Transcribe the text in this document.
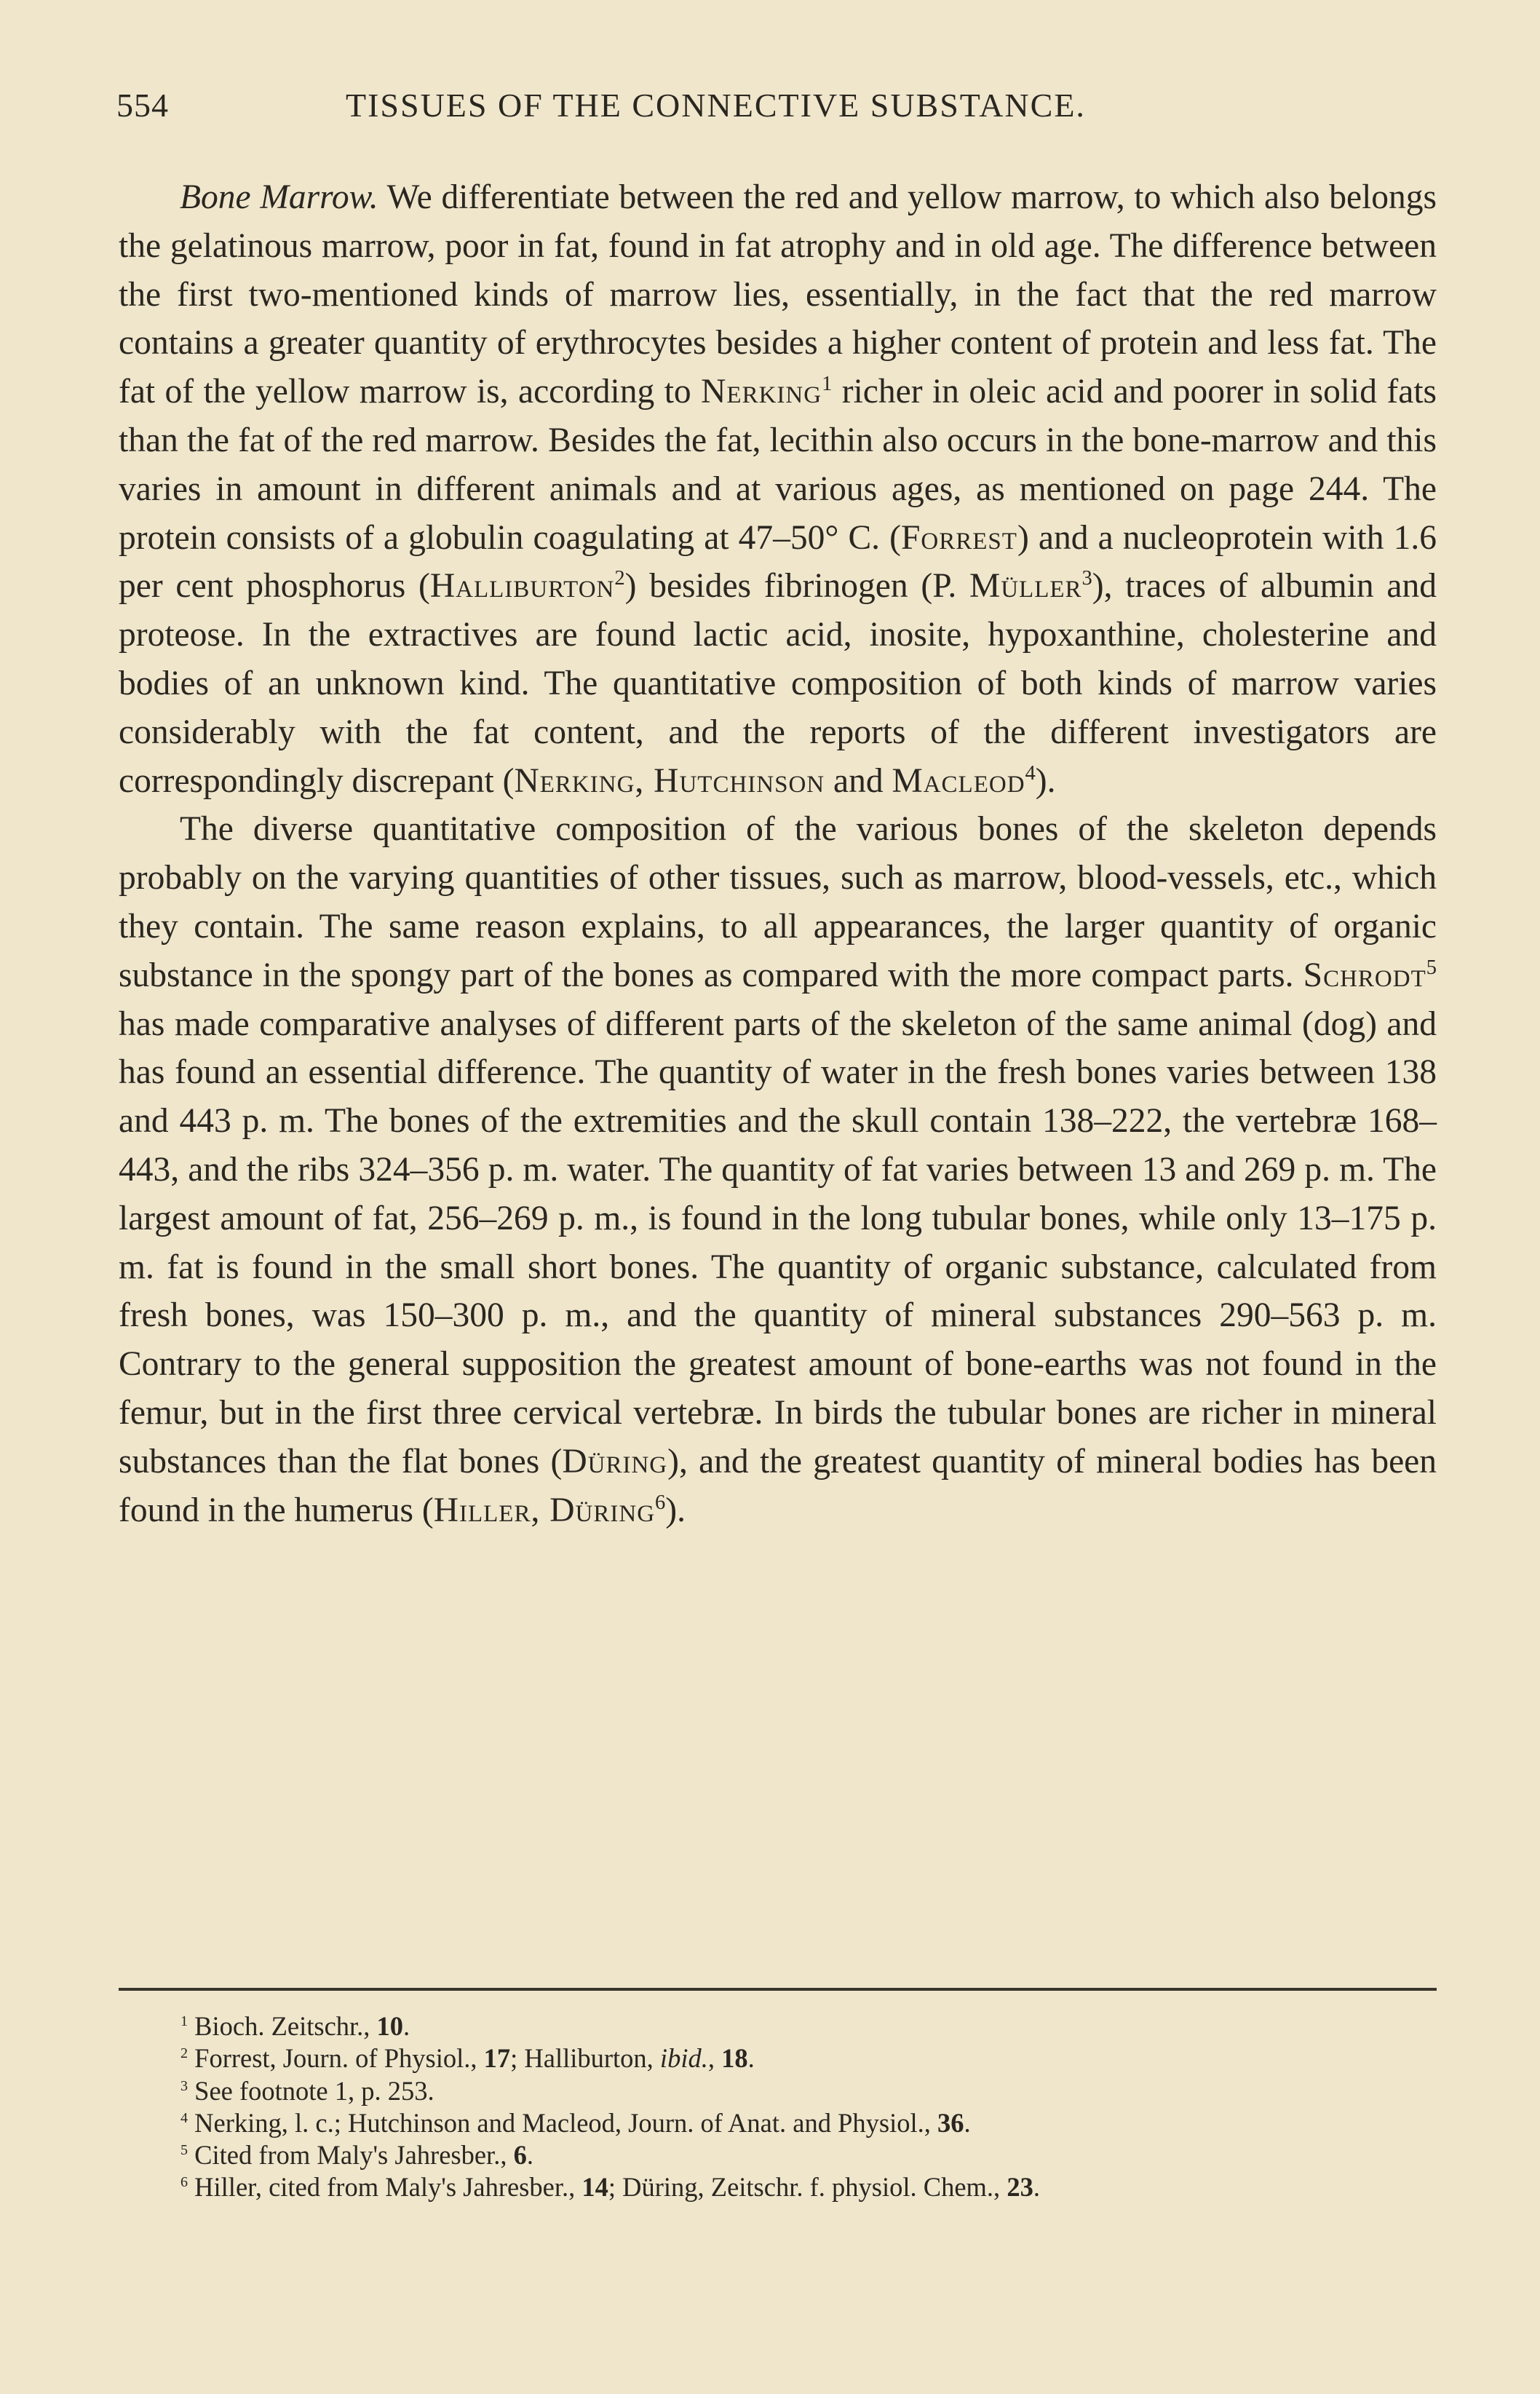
554	TISSUES OF THE CONNECTIVE SUBSTANCE.

Bone Marrow. We differentiate between the red and yellow marrow, to which also belongs the gelatinous marrow, poor in fat, found in fat atrophy and in old age. The difference between the first two-mentioned kinds of marrow lies, essentially, in the fact that the red marrow contains a greater quantity of erythrocytes besides a higher content of protein and less fat. The fat of the yellow marrow is, according to Nerking$^1$ richer in oleic acid and poorer in solid fats than the fat of the red marrow. Besides the fat, lecithin also occurs in the bone-marrow and this varies in amount in different animals and at various ages, as mentioned on page 244. The protein consists of a globulin coagulating at 47–50° C. (Forrest) and a nucleoprotein with 1.6 per cent phosphorus (Halliburton$^2$) besides fibrinogen (P. Müller$^3$), traces of albumin and proteose. In the extractives are found lactic acid, inosite, hypoxanthine, cholesterine and bodies of an unknown kind. The quantitative composition of both kinds of marrow varies considerably with the fat content, and the reports of the different investigators are correspondingly discrepant (Nerking, Hutchinson and Macleod$^4$).

The diverse quantitative composition of the various bones of the skeleton depends probably on the varying quantities of other tissues, such as marrow, blood-vessels, etc., which they contain. The same reason explains, to all appearances, the larger quantity of organic substance in the spongy part of the bones as compared with the more compact parts. Schrodt$^5$ has made comparative analyses of different parts of the skeleton of the same animal (dog) and has found an essential difference. The quantity of water in the fresh bones varies between 138 and 443 p. m. The bones of the extremities and the skull contain 138–222, the vertebræ 168–443, and the ribs 324–356 p. m. water. The quantity of fat varies between 13 and 269 p. m. The largest amount of fat, 256–269 p. m., is found in the long tubular bones, while only 13–175 p. m. fat is found in the small short bones. The quantity of organic substance, calculated from fresh bones, was 150–300 p. m., and the quantity of mineral substances 290–563 p. m. Contrary to the general supposition the greatest amount of bone-earths was not found in the femur, but in the first three cervical vertebræ. In birds the tubular bones are richer in mineral substances than the flat bones (Düring), and the greatest quantity of mineral bodies has been found in the humerus (Hiller, Düring$^6$).

$^1$ Bioch. Zeitschr., 10.
$^2$ Forrest, Journ. of Physiol., 17; Halliburton, ibid., 18.
$^3$ See footnote 1, p. 253.
$^4$ Nerking, l. c.; Hutchinson and Macleod, Journ. of Anat. and Physiol., 36.
$^5$ Cited from Maly's Jahresber., 6.
$^6$ Hiller, cited from Maly's Jahresber., 14; Düring, Zeitschr. f. physiol. Chem., 23.
